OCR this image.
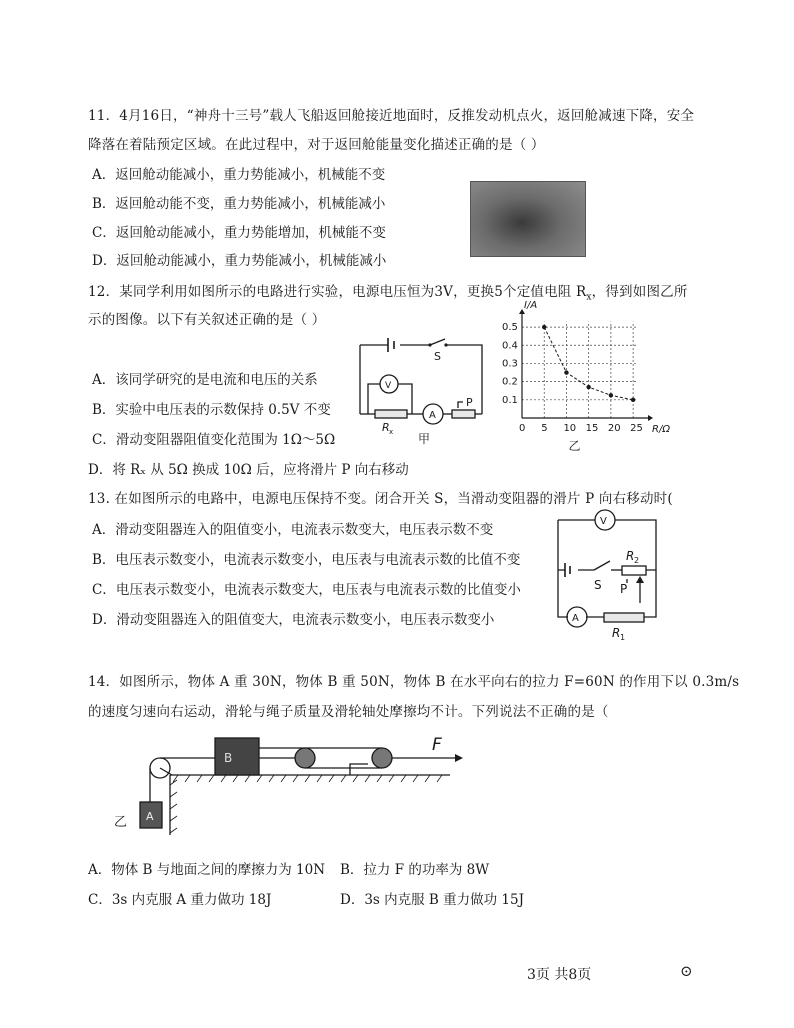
11．4月16日，“神舟十三号”载人飞船返回舱接近地面时，反推发动机点火，返回舱减速下降，安全
降落在着陆预定区域。在此过程中，对于返回舱能量变化描述正确的是（ ）
A．返回舱动能减小，重力势能减小，机械能不变
B．返回舱动能不变，重力势能减小，机械能减小
C．返回舱动能减小，重力势能增加，机械能不变
D．返回舱动能减小，重力势能减小，机械能减小
12．某同学利用如图所示的电路进行实验，电源电压恒为3V，更换5个定值电阻 $R_x$，得到如图乙所
示的图像。以下有关叙述正确的是（ ）
A．该同学研究的是电流和电压的关系
B．实验中电压表的示数保持 0.5V 不变
C．滑动变阻器阻值变化范围为 1Ω～5Ω
D．将 Rₓ 从 5Ω 换成 10Ω 后，应将滑片 P 向右移动
S
P
A
V
R x 甲
0 5 10 15 20 25
0.1
0.2
0.3
0.4
0.5
I/A
R/Ω
乙
13. 在如图所示的电路中，电源电压保持不变。闭合开关 S，当滑动变阻器的滑片 P 向右移动时(
A．滑动变阻器连入的阻值变小，电流表示数变大，电压表示数不变
B．电压表示数变小，电流表示数变小，电压表与电流表示数的比值不变
C．电压表示数变小，电流表示数变大，电压表与电流表示数的比值变小
D．滑动变阻器连入的阻值变大，电流表示数变小，电压表示数变小
V
A
S P
R 2
R 1
14．如图所示，物体 A 重 30N，物体 B 重 50N，物体 B 在水平向右的拉力 F=60N 的作用下以 0.3m/s
的速度匀速向右运动，滑轮与绳子质量及滑轮轴处摩擦均不计。下列说法不正确的是（
F
B
A
乙
A．物体 B 与地面之间的摩擦力为 10N B．拉力 F 的功率为 8W
C．3s 内克服 A 重力做功 18J	D．3s 内克服 B 重力做功 15J
3页 共8页	⊙
